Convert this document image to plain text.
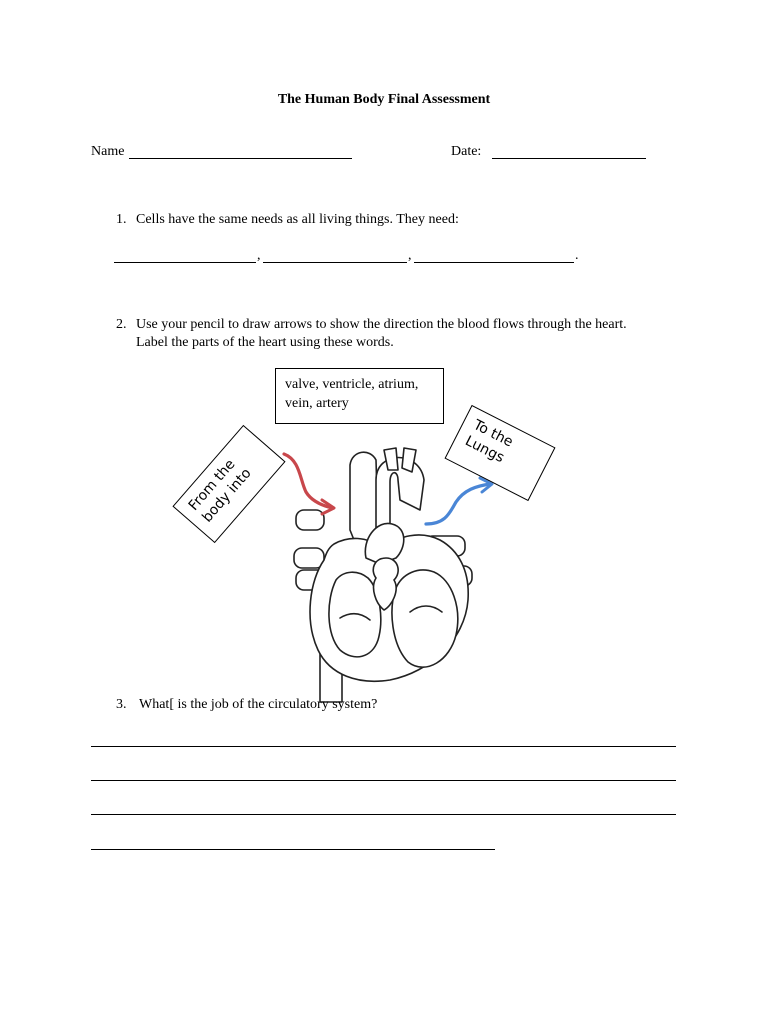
The Human Body Final Assessment
Name	Date:
1. Cells have the same needs as all living things. They need:
,	,	.
2. Use your pencil to draw arrows to show the direction the blood flows through the heart.
Label the parts of the heart using these words.
valve, ventricle, atrium, vein, artery
From the body into
To the Lungs
3. What[ is the job of the circulatory system?
